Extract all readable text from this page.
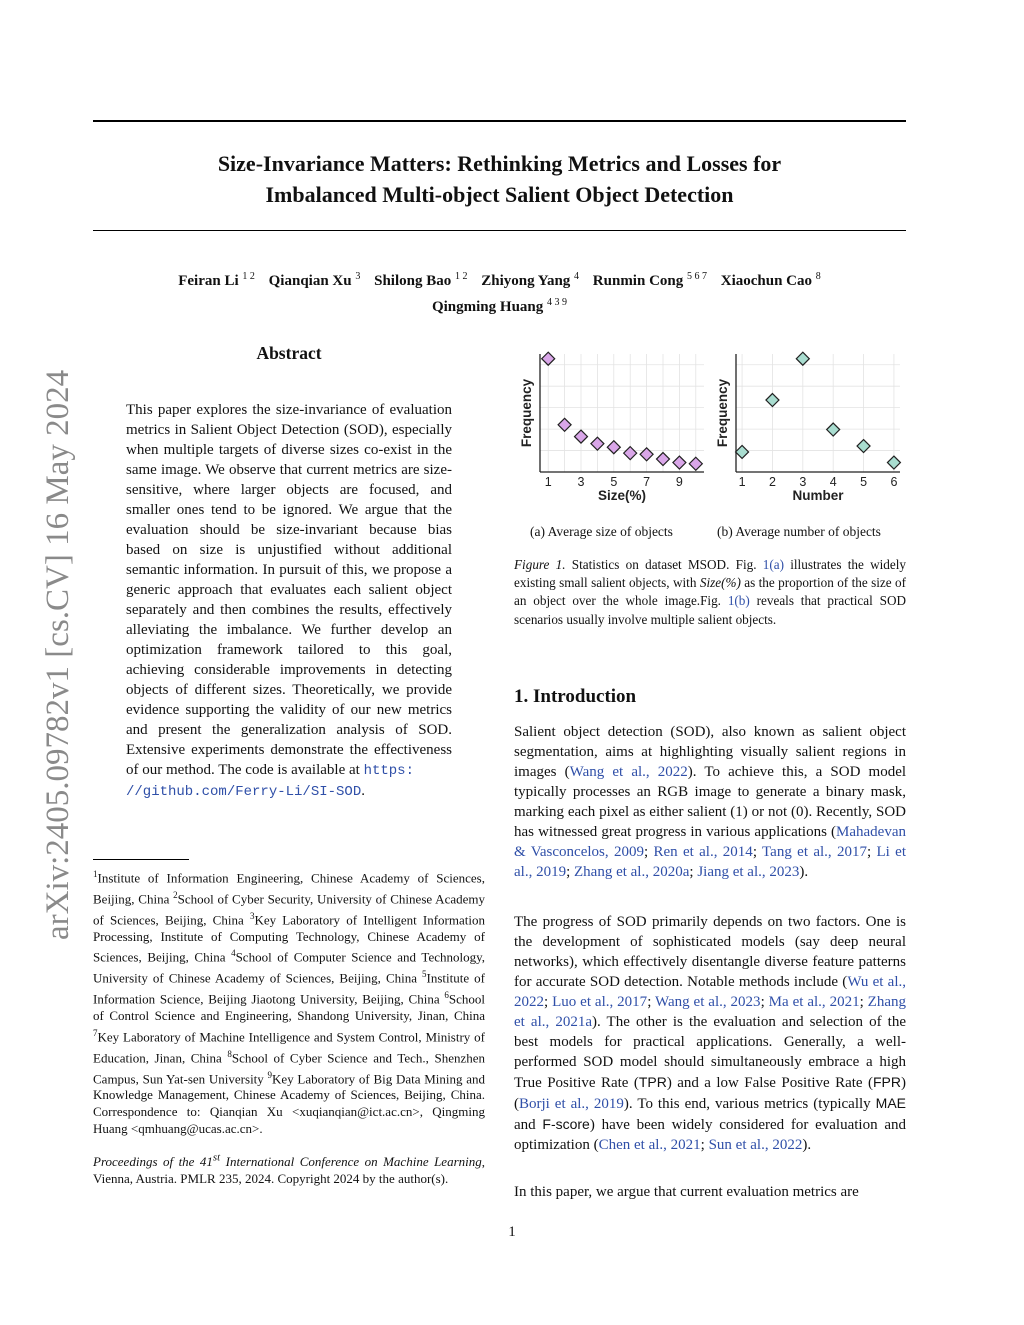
Size-Invariance Matters: Rethinking Metrics and Losses for
Imbalanced Multi-object Salient Object Detection
Feiran Li $^{1 2}$ Qianqian Xu $^3$ Shilong Bao $^{1 2}$ Zhiyong Yang $^4$ Runmin Cong $^{5 6 7}$ Xiaochun Cao $^8$
Qingming Huang $^{4 3 9}$
arXiv:2405.09782v1 [cs.CV] 16 May 2024
Abstract
This paper explores the size-invariance of evaluation metrics in Salient Object Detection (SOD), especially when multiple targets of diverse sizes co-exist in the same image. We observe that current metrics are size-sensitive, where larger objects are focused, and smaller ones tend to be ignored. We argue that the evaluation should be size-invariant because bias based on size is unjustified without additional semantic information. In pursuit of this, we propose a generic approach that evaluates each salient object separately and then combines the results, effectively alleviating the imbalance. We further develop an optimization framework tailored to this goal, achieving considerable improvements in detecting objects of different sizes. Theoretically, we provide evidence supporting the validity of our new metrics and present the generalization analysis of SOD. Extensive experiments demonstrate the effectiveness of our method. The code is available at https:
//github.com/Ferry-Li/SI-SOD.
$^1$Institute of Information Engineering, Chinese Academy of Sciences, Beijing, China $^2$School of Cyber Security, University of Chinese Academy of Sciences, Beijing, China $^3$Key Laboratory of Intelligent Information Processing, Institute of Computing Technology, Chinese Academy of Sciences, Beijing, China $^4$School of Computer Science and Technology, University of Chinese Academy of Sciences, Beijing, China $^5$Institute of Information Science, Beijing Jiaotong University, Beijing, China $^6$School of Control Science and Engineering, Shandong University, Jinan, China $^7$Key Laboratory of Machine Intelligence and System Control, Ministry of Education, Jinan, China $^8$School of Cyber Science and Tech., Shenzhen Campus, Sun Yat-sen University $^9$Key Laboratory of Big Data Mining and Knowledge Management, Chinese Academy of Sciences, Beijing, China. Correspondence to: Qianqian Xu <xuqianqian@ict.ac.cn>, Qingming Huang <qmhuang@ucas.ac.cn>.
Proceedings of the 41st International Conference on Machine Learning, Vienna, Austria. PMLR 235, 2024. Copyright 2024 by the author(s).
1 3 5 7 9
Size(%)
Frequency
1 2 3 4 5 6
Number
Frequency
(a) Average size of objects	(b) Average number of objects
Figure 1. Statistics on dataset MSOD. Fig. 1(a) illustrates the widely existing small salient objects, with Size(%) as the proportion of the size of an object over the whole image.Fig. 1(b) reveals that practical SOD scenarios usually involve multiple salient objects.
1. Introduction
Salient object detection (SOD), also known as salient object segmentation, aims at highlighting visually salient regions in images (Wang et al., 2022). To achieve this, a SOD model typically processes an RGB image to generate a binary mask, marking each pixel as either salient (1) or not (0). Recently, SOD has witnessed great progress in various applications (Mahadevan & Vasconcelos, 2009; Ren et al., 2014; Tang et al., 2017; Li et al., 2019; Zhang et al., 2020a; Jiang et al., 2023).
The progress of SOD primarily depends on two factors. One is the development of sophisticated models (say deep neural networks), which effectively disentangle diverse feature patterns for accurate SOD detection. Notable methods include (Wu et al., 2022; Luo et al., 2017; Wang et al., 2023; Ma et al., 2021; Zhang et al., 2021a). The other is the evaluation and selection of the best models for practical applications. Generally, a well-performed SOD model should simultaneously embrace a high True Positive Rate (TPR) and a low False Positive Rate (FPR) (Borji et al., 2019). To this end, various metrics (typically MAE and F-score) have been widely considered for evaluation and optimization (Chen et al., 2021; Sun et al., 2022).
In this paper, we argue that current evaluation metrics are
1
